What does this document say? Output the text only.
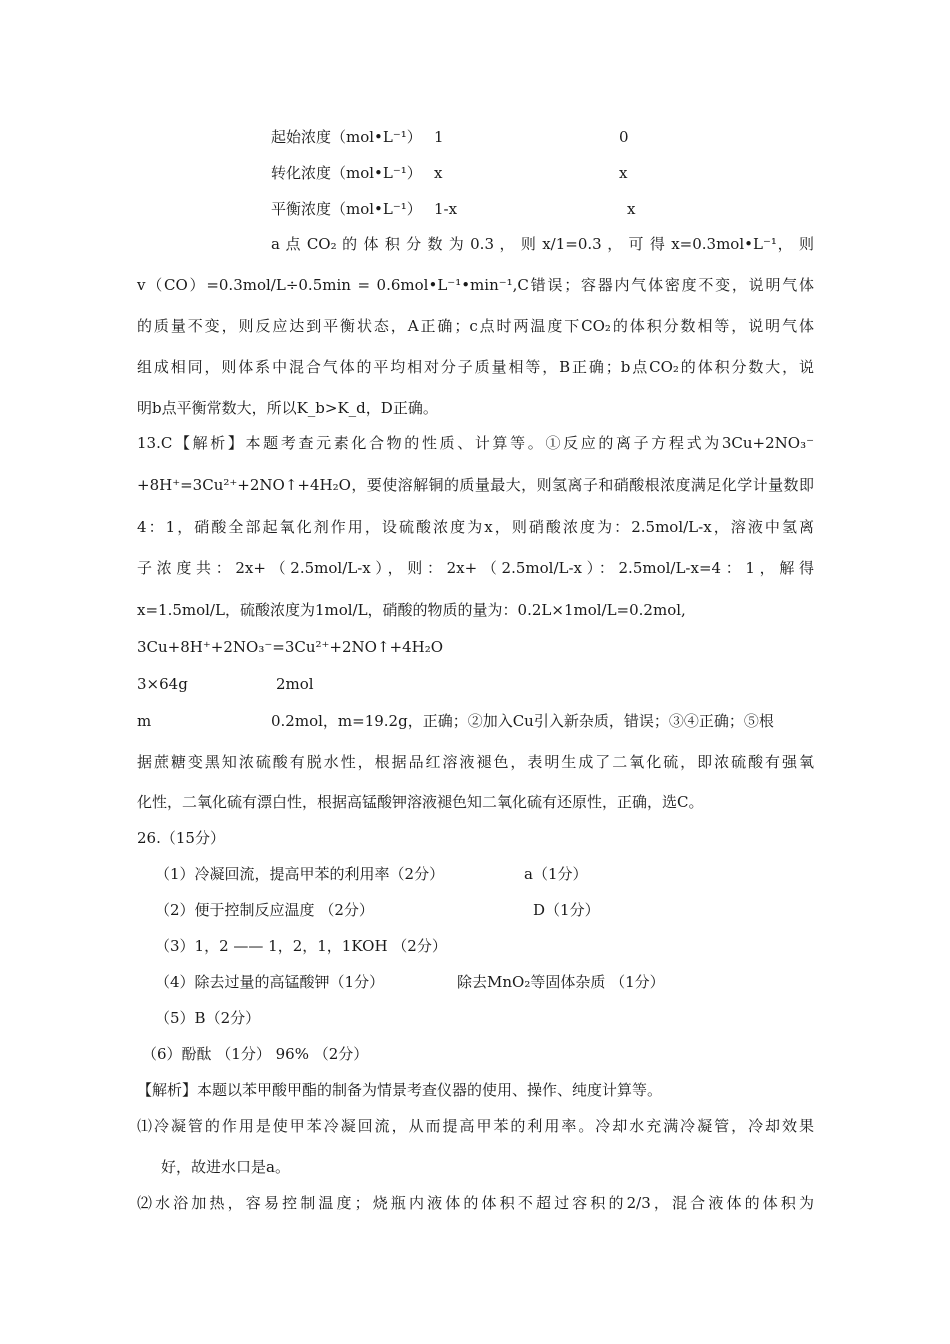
起始浓度（mol•L⁻¹） 1	0
转化浓度（mol•L⁻¹） x	x
平衡浓度（mol•L⁻¹） 1-x	x
a 点 CO₂ 的 体 积 分 数 为 0.3 ， 则 x/1=0.3 ， 可 得 x=0.3mol•L⁻¹， 则
v（CO）=0.3mol/L÷0.5min = 0.6mol•L⁻¹•min⁻¹,C错误；容器内气体密度不变，说明气体
的质量不变，则反应达到平衡状态，A正确；c点时两温度下CO₂的体积分数相等，说明气体
组成相同，则体系中混合气体的平均相对分子质量相等，B正确；b点CO₂的体积分数大，说
明b点平衡常数大，所以K_b>K_d，D正确。
13.C【解析】本题考查元素化合物的性质、计算等。①反应的离子方程式为3Cu+2NO₃⁻
+8H⁺=3Cu²⁺+2NO↑+4H₂O，要使溶解铜的质量最大，则氢离子和硝酸根浓度满足化学计量数即
4：1，硝酸全部起氧化剂作用，设硫酸浓度为x，则硝酸浓度为：2.5mol/L-x，溶液中氢离
子浓度共：2x+（2.5mol/L-x），则：2x+（2.5mol/L-x）：2.5mol/L-x=4：1，解得
x=1.5mol/L，硫酸浓度为1mol/L，硝酸的物质的量为：0.2L×1mol/L=0.2mol,
3Cu+8H⁺+2NO₃⁻=3Cu²⁺+2NO↑+4H₂O
3×64g	2mol
m	0.2mol，m=19.2g，正确；②加入Cu引入新杂质，错误；③④正确；⑤根
据蔗糖变黑知浓硫酸有脱水性，根据品红溶液褪色，表明生成了二氧化硫，即浓硫酸有强氧
化性，二氧化硫有漂白性，根据高锰酸钾溶液褪色知二氧化硫有还原性，正确，选C。
26.（15分）
（1）冷凝回流，提高甲苯的利用率（2分）	a（1分）
（2）便于控制反应温度 （2分）	D（1分）
（3）1，2 —— 1，2，1，1KOH （2分）
（4）除去过量的高锰酸钾（1分）	除去MnO₂等固体杂质 （1分）
（5）B（2分）
（6）酚酞 （1分） 96% （2分）
【解析】本题以苯甲酸甲酯的制备为情景考查仪器的使用、操作、纯度计算等。
⑴冷凝管的作用是使甲苯冷凝回流，从而提高甲苯的利用率。冷却水充满冷凝管，冷却效果
好，故进水口是a。
⑵水浴加热，容易控制温度；烧瓶内液体的体积不超过容积的2/3，混合液体的体积为
